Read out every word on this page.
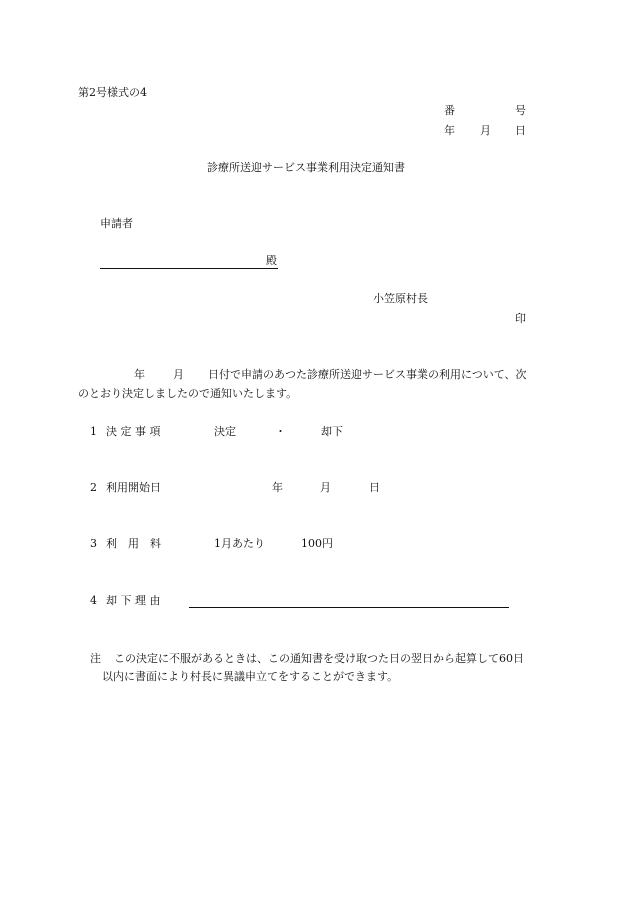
第2号様式の4
番	号
年 月 日
診療所送迎サービス事業利用決定通知書
申請者
殿
小笠原村長
印
年	月 日付で申請のあつた診療所送迎サービス事業の利用について、次
のとおり決定しましたので通知いたします。
1 決 定 事 項	決定	・	却下
2 利用開始日	年	月	日
3 利　用　料	1月あたり	100円
4 却 下 理 由
注 この決定に不服があるときは、この通知書を受け取つた日の翌日から起算して60日
以内に書面により村長に異議申立てをすることができます。
